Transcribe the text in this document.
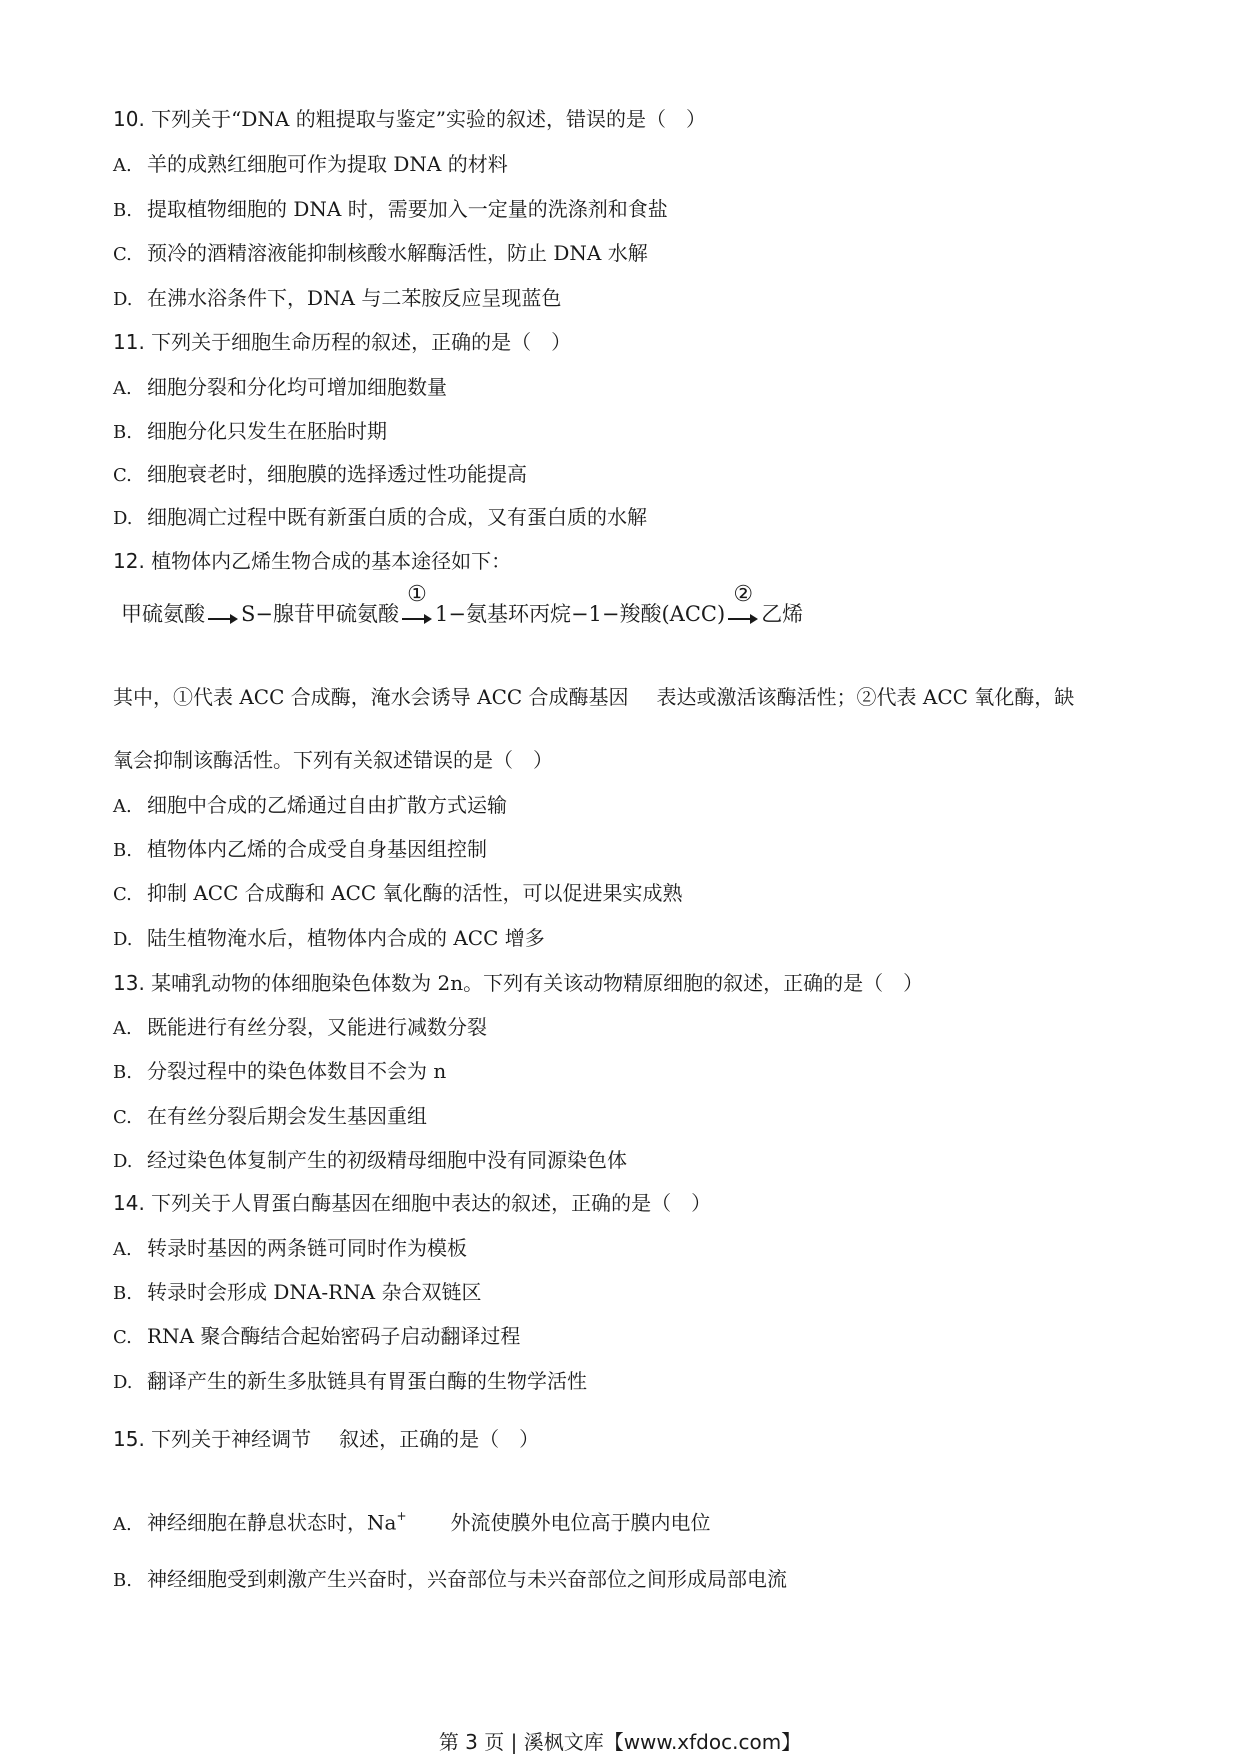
10. 下列关于“DNA 的粗提取与鉴定”实验的叙述，错误的是（　）
A. 羊的成熟红细胞可作为提取 DNA 的材料
B. 提取植物细胞的 DNA 时，需要加入一定量的洗涤剂和食盐
C. 预冷的酒精溶液能抑制核酸水解酶活性，防止 DNA 水解
D. 在沸水浴条件下，DNA 与二苯胺反应呈现蓝色
11. 下列关于细胞生命历程的叙述，正确的是（　）
A. 细胞分裂和分化均可增加细胞数量
B. 细胞分化只发生在胚胎时期
C. 细胞衰老时，细胞膜的选择透过性功能提高
D. 细胞凋亡过程中既有新蛋白质的合成，又有蛋白质的水解
12. 植物体内乙烯生物合成的基本途径如下：
甲硫氨酸 S−腺苷甲硫氨酸
①
1−氨基环丙烷−1−羧酸(ACC)
②
乙烯
其中，①代表 ACC 合成酶，淹水会诱导 ACC 合成酶基因 表达或激活该酶活性；②代表 ACC 氧化酶，缺
氧会抑制该酶活性。下列有关叙述错误的是（　）
A. 细胞中合成的乙烯通过自由扩散方式运输
B. 植物体内乙烯的合成受自身基因组控制
C. 抑制 ACC 合成酶和 ACC 氧化酶的活性，可以促进果实成熟
D. 陆生植物淹水后，植物体内合成的 ACC 增多
13. 某哺乳动物的体细胞染色体数为 2n。下列有关该动物精原细胞的叙述，正确的是（　）
A. 既能进行有丝分裂，又能进行减数分裂
B. 分裂过程中的染色体数目不会为 n
C. 在有丝分裂后期会发生基因重组
D. 经过染色体复制产生的初级精母细胞中没有同源染色体
14. 下列关于人胃蛋白酶基因在细胞中表达的叙述，正确的是（　）
A. 转录时基因的两条链可同时作为模板
B. 转录时会形成 DNA-RNA 杂合双链区
C. RNA 聚合酶结合起始密码子启动翻译过程
D. 翻译产生的新生多肽链具有胃蛋白酶的生物学活性
15. 下列关于神经调节 叙述，正确的是（　）
A. 神经细胞在静息状态时，Na+ 外流使膜外电位高于膜内电位
B. 神经细胞受到刺激产生兴奋时，兴奋部位与未兴奋部位之间形成局部电流
第 3 页 | 溪枫文库【www.xfdoc.com】
